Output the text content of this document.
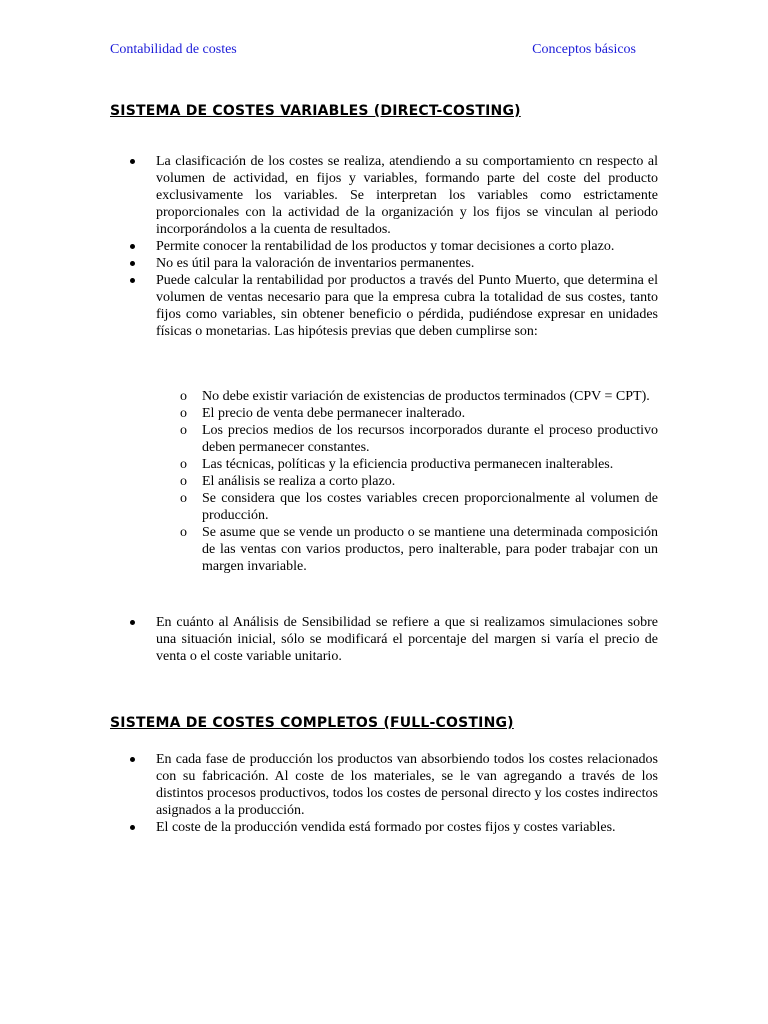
Contabilidad de costes	Conceptos básicos
SISTEMA DE COSTES VARIABLES (DIRECT-COSTING)
La clasificación de los costes se realiza, atendiendo a su comportamiento cn respecto al volumen de actividad, en fijos y variables, formando parte del coste del producto exclusivamente los variables. Se interpretan los variables como estrictamente proporcionales con la actividad de la organización y los fijos se vinculan al periodo incorporándolos a la cuenta de resultados.
Permite conocer la rentabilidad de los productos y tomar decisiones a corto plazo.
No es útil para la valoración de inventarios permanentes.
Puede calcular la rentabilidad por productos a través del Punto Muerto, que determina el volumen de ventas necesario para que la empresa cubra la totalidad de sus costes, tanto fijos como variables, sin obtener beneficio o pérdida, pudiéndose expresar en unidades físicas o monetarias. Las hipótesis previas que deben cumplirse son:
o No debe existir variación de existencias de productos terminados (CPV = CPT).
o El precio de venta debe permanecer inalterado.
o Los precios medios de los recursos incorporados durante el proceso productivo deben permanecer constantes.
o Las técnicas, políticas y la eficiencia productiva permanecen inalterables.
o El análisis se realiza a corto plazo.
o Se considera que los costes variables crecen proporcionalmente al volumen de producción.
o Se asume que se vende un producto o se mantiene una determinada composición de las ventas con varios productos, pero inalterable, para poder trabajar con un margen invariable.
En cuánto al Análisis de Sensibilidad se refiere a que si realizamos simulaciones sobre una situación inicial, sólo se modificará el porcentaje del margen si varía el precio de venta o el coste variable unitario.
SISTEMA DE COSTES COMPLETOS (FULL-COSTING)
En cada fase de producción los productos van absorbiendo todos los costes relacionados con su fabricación. Al coste de los materiales, se le van agregando a través de los distintos procesos productivos, todos los costes de personal directo y los costes indirectos asignados a la producción.
El coste de la producción vendida está formado por costes fijos y costes variables.
